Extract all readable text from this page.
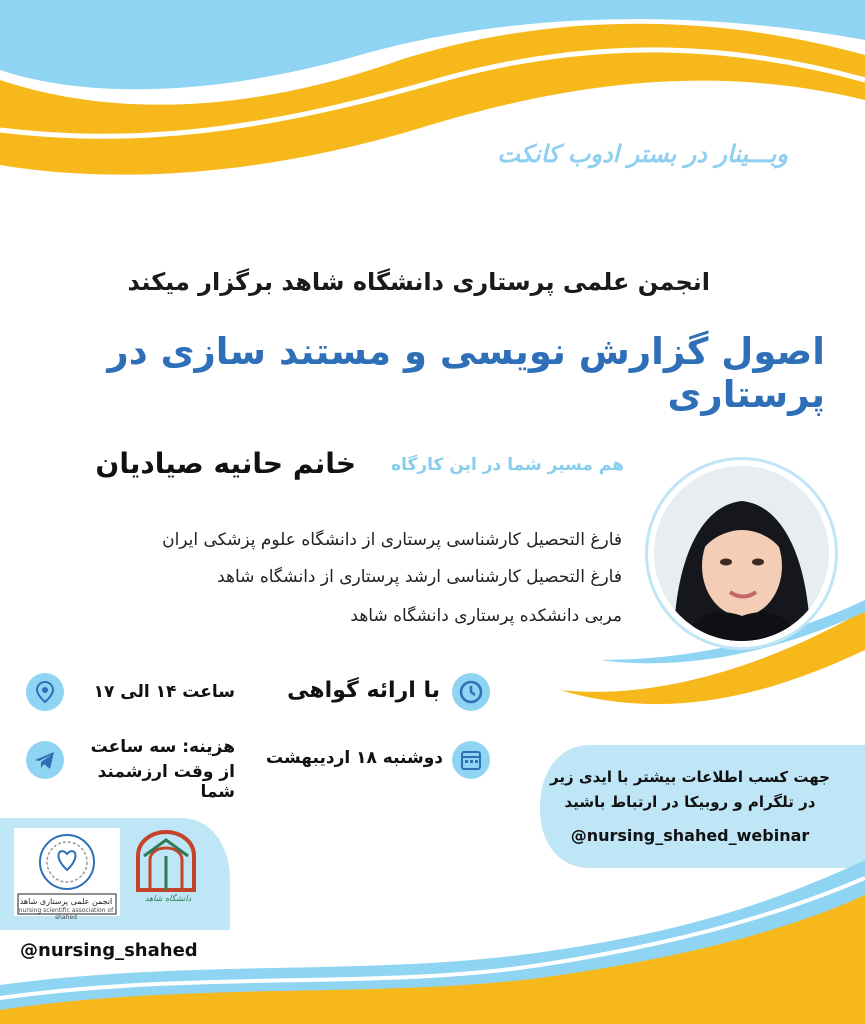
وبـــینار در بستر ادوب کانکت
انجمن علمی پرستاری دانشگاه شاهد برگزار میکند
اصول گزارش نویسی و مستند سازی در پرستاری
هم مسیر شما در این کارگاه
خانم حانیه صیادیان
فارغ التحصیل کارشناسی پرستاری از دانشگاه علوم پزشکی ایران
فارغ التحصیل کارشناسی ارشد پرستاری از دانشگاه شاهد
مربی دانشکده پرستاری دانشگاه شاهد
با ارائه گواهی
دوشنبه ۱۸ اردیبهشت
ساعت ۱۴ الی ۱۷
هزینه: سه ساعت
از وقت ارزشمند شما
جهت کسب اطلاعات بیشتر با ایدی زیر
در تلگرام و روبیکا در ارتباط باشید
@nursing_shahed_webinar
انجمن علمی پرستاری شاهد
nursing scientific association of shahed
دانشگاه شاهد
@nursing_shahed
